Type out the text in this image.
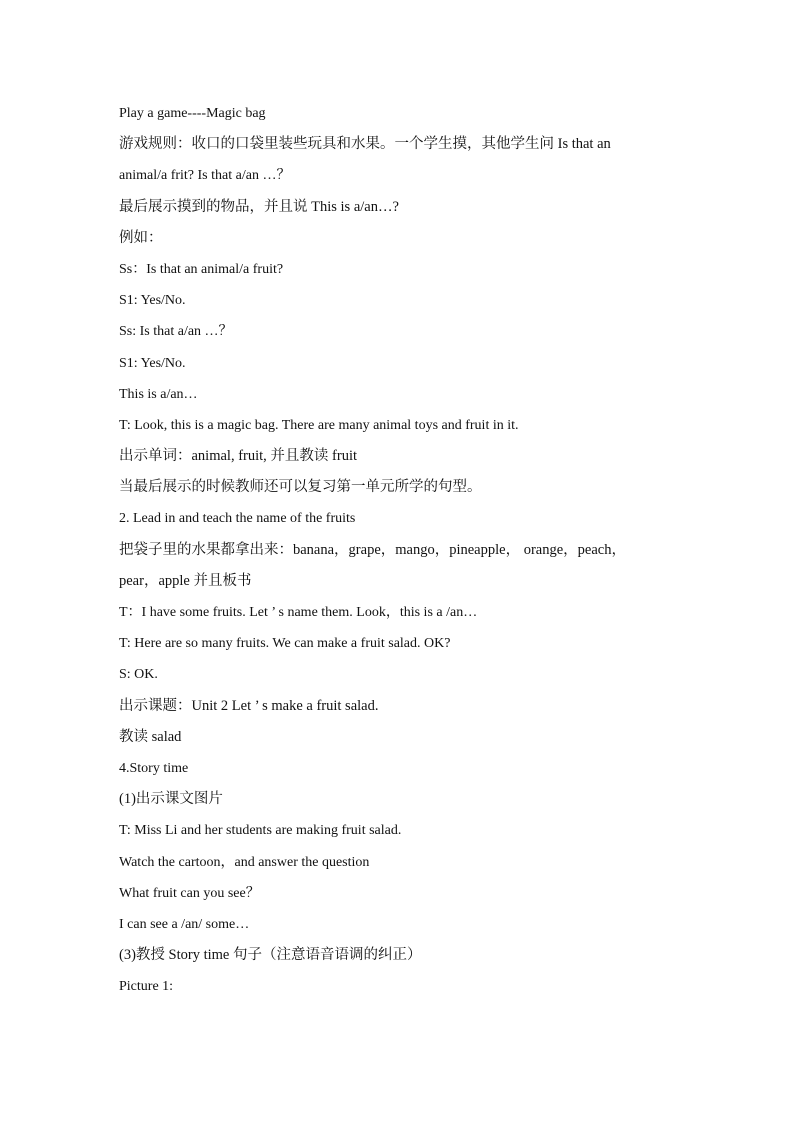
Play a game----Magic bag
游戏规则：收口的口袋里装些玩具和水果。一个学生摸，其他学生问 Is that an
animal/a frit? Is that a/an …？
最后展示摸到的物品，并且说 This is a/an…?
例如：
Ss：Is that an animal/a fruit?
S1: Yes/No.
Ss: Is that a/an …？
S1: Yes/No.
This is a/an…
T: Look, this is a magic bag. There are many animal toys and fruit in it.
出示单词：animal, fruit, 并且教读 fruit
当最后展示的时候教师还可以复习第一单元所学的句型。
2. Lead in and teach the name of the fruits
把袋子里的水果都拿出来：banana，grape，mango，pineapple， orange，peach，
pear，apple 并且板书
T：I have some fruits. Let ’ s name them. Look，this is a /an…
T: Here are so many fruits. We can make a fruit salad. OK?
S: OK.
出示课题：Unit 2 Let ’ s make a fruit salad.
教读 salad
4.Story time
(1)出示课文图片
T: Miss Li and her students are making fruit salad.
Watch the cartoon，and answer the question
What fruit can you see？
I can see a /an/ some…
(3)教授 Story time 句子（注意语音语调的纠正）
Picture 1:
